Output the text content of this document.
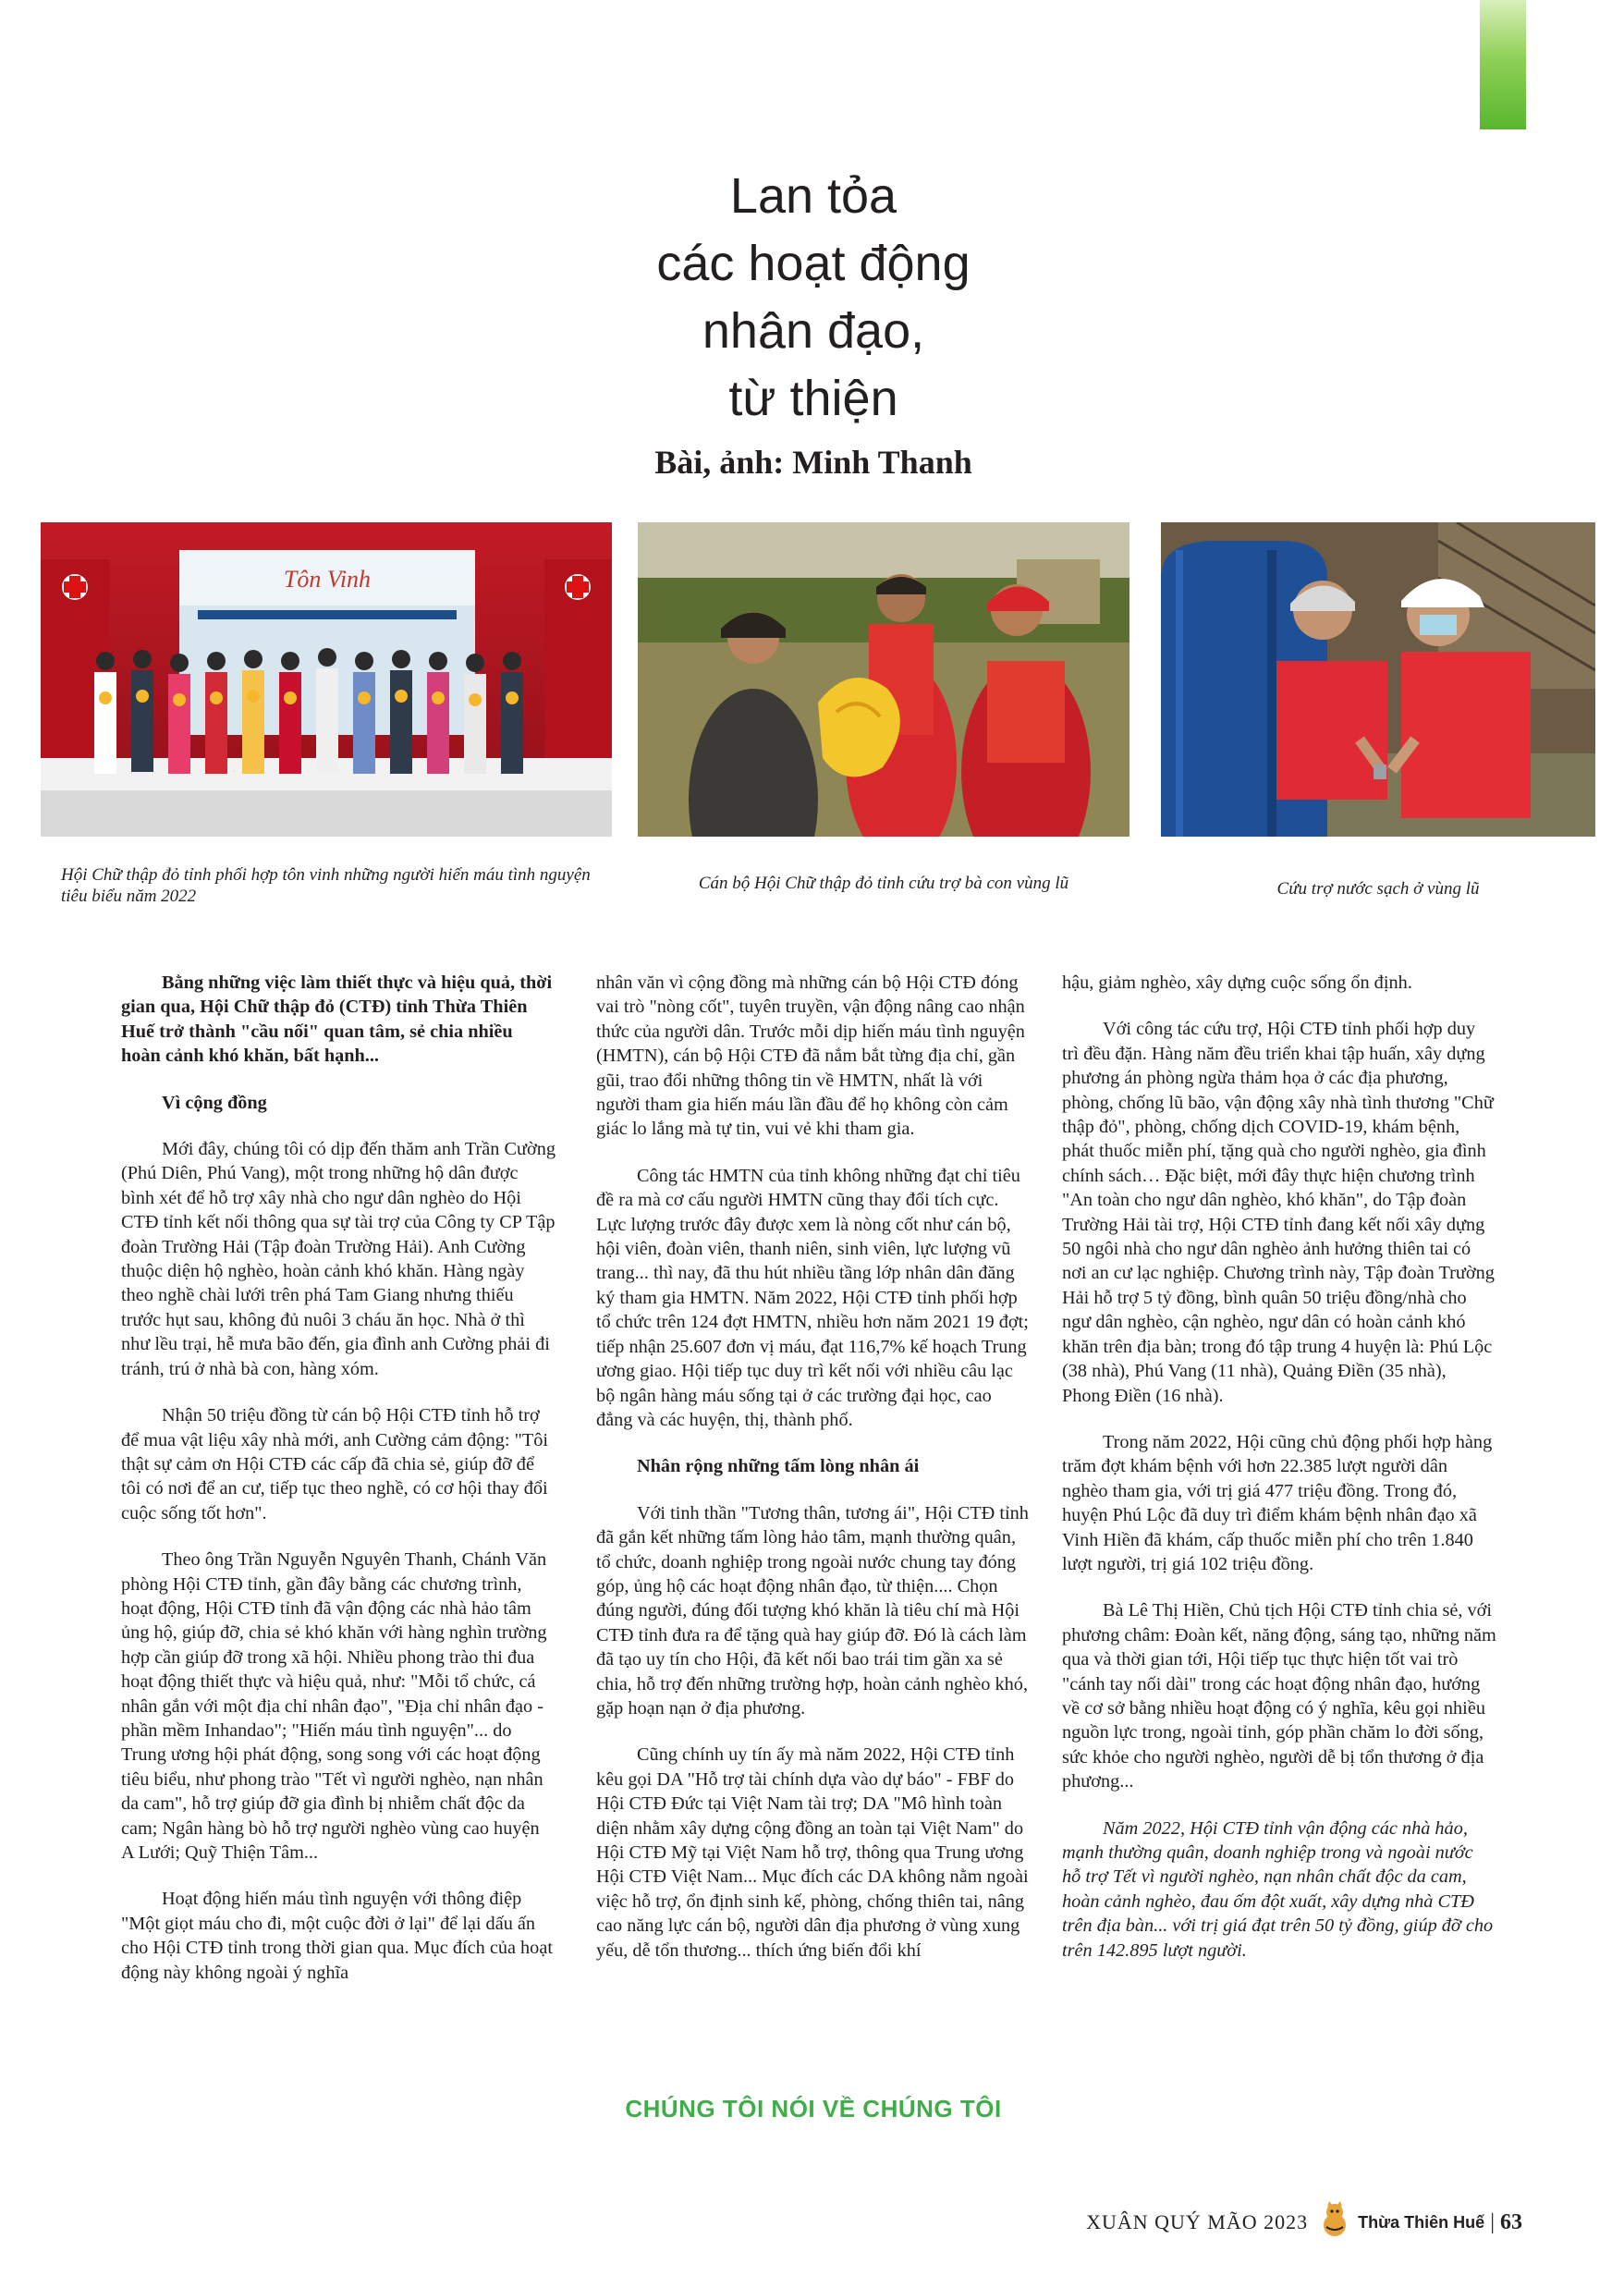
Lan tỏa
các hoạt động
nhân đạo,
từ thiện
Bài, ảnh: Minh Thanh
Tôn Vinh
Hội Chữ thập đỏ tỉnh phối hợp tôn vinh những người hiến máu tình nguyện tiêu biểu năm 2022
Cán bộ Hội Chữ thập đỏ tỉnh cứu trợ bà con vùng lũ	Cứu trợ nước sạch ở vùng lũ

Bằng những việc làm thiết thực và hiệu quả, thời gian qua, Hội Chữ thập đỏ (CTĐ) tỉnh Thừa Thiên Huế trở thành "cầu nối" quan tâm, sẻ chia nhiều hoàn cảnh khó khăn, bất hạnh...

Vì cộng đồng

Mới đây, chúng tôi có dịp đến thăm anh Trần Cường (Phú Diên, Phú Vang), một trong những hộ dân được bình xét để hỗ trợ xây nhà cho ngư dân nghèo do Hội CTĐ tỉnh kết nối thông qua sự tài trợ của Công ty CP Tập đoàn Trường Hải (Tập đoàn Trường Hải). Anh Cường thuộc diện hộ nghèo, hoàn cảnh khó khăn. Hàng ngày theo nghề chài lưới trên phá Tam Giang nhưng thiếu trước hụt sau, không đủ nuôi 3 cháu ăn học. Nhà ở thì như lều trại, hễ mưa bão đến, gia đình anh Cường phải đi tránh, trú ở nhà bà con, hàng xóm.

Nhận 50 triệu đồng từ cán bộ Hội CTĐ tỉnh hỗ trợ để mua vật liệu xây nhà mới, anh Cường cảm động: "Tôi thật sự cảm ơn Hội CTĐ các cấp đã chia sẻ, giúp đỡ để tôi có nơi để an cư, tiếp tục theo nghề, có cơ hội thay đổi cuộc sống tốt hơn".

Theo ông Trần Nguyễn Nguyên Thanh, Chánh Văn phòng Hội CTĐ tỉnh, gần đây bằng các chương trình, hoạt động, Hội CTĐ tỉnh đã vận động các nhà hảo tâm ủng hộ, giúp đỡ, chia sẻ khó khăn với hàng nghìn trường hợp cần giúp đỡ trong xã hội. Nhiều phong trào thi đua hoạt động thiết thực và hiệu quả, như: "Mỗi tổ chức, cá nhân gắn với một địa chỉ nhân đạo", "Địa chỉ nhân đạo - phần mềm Inhandao"; "Hiến máu tình nguyện"... do Trung ương hội phát động, song song với các hoạt động tiêu biểu, như phong trào "Tết vì người nghèo, nạn nhân da cam", hỗ trợ giúp đỡ gia đình bị nhiễm chất độc da cam; Ngân hàng bò hỗ trợ người nghèo vùng cao huyện A Lưới; Quỹ Thiện Tâm...

Hoạt động hiến máu tình nguyện với thông điệp "Một giọt máu cho đi, một cuộc đời ở lại" để lại dấu ấn cho Hội CTĐ tỉnh trong thời gian qua. Mục đích của hoạt động này không ngoài ý nghĩa

nhân văn vì cộng đồng mà những cán bộ Hội CTĐ đóng vai trò "nòng cốt", tuyên truyền, vận động nâng cao nhận thức của người dân. Trước mỗi dịp hiến máu tình nguyện (HMTN), cán bộ Hội CTĐ đã nắm bắt từng địa chỉ, gần gũi, trao đổi những thông tin về HMTN, nhất là với người tham gia hiến máu lần đầu để họ không còn cảm giác lo lắng mà tự tin, vui vẻ khi tham gia.

Công tác HMTN của tỉnh không những đạt chỉ tiêu đề ra mà cơ cấu người HMTN cũng thay đổi tích cực. Lực lượng trước đây được xem là nòng cốt như cán bộ, hội viên, đoàn viên, thanh niên, sinh viên, lực lượng vũ trang... thì nay, đã thu hút nhiều tầng lớp nhân dân đăng ký tham gia HMTN. Năm 2022, Hội CTĐ tỉnh phối hợp tổ chức trên 124 đợt HMTN, nhiều hơn năm 2021 19 đợt; tiếp nhận 25.607 đơn vị máu, đạt 116,7% kế hoạch Trung ương giao. Hội tiếp tục duy trì kết nối với nhiều câu lạc bộ ngân hàng máu sống tại ở các trường đại học, cao đẳng và các huyện, thị, thành phố.

Nhân rộng những tấm lòng nhân ái

Với tinh thần "Tương thân, tương ái", Hội CTĐ tỉnh đã gắn kết những tấm lòng hảo tâm, mạnh thường quân, tổ chức, doanh nghiệp trong ngoài nước chung tay đóng góp, ủng hộ các hoạt động nhân đạo, từ thiện.... Chọn đúng người, đúng đối tượng khó khăn là tiêu chí mà Hội CTĐ tỉnh đưa ra để tặng quà hay giúp đỡ. Đó là cách làm đã tạo uy tín cho Hội, đã kết nối bao trái tim gần xa sẻ chia, hỗ trợ đến những trường hợp, hoàn cảnh nghèo khó, gặp hoạn nạn ở địa phương.

Cũng chính uy tín ấy mà năm 2022, Hội CTĐ tỉnh kêu gọi DA "Hỗ trợ tài chính dựa vào dự báo" - FBF do Hội CTĐ Đức tại Việt Nam tài trợ; DA "Mô hình toàn diện nhằm xây dựng cộng đồng an toàn tại Việt Nam" do Hội CTĐ Mỹ tại Việt Nam hỗ trợ, thông qua Trung ương Hội CTĐ Việt Nam... Mục đích các DA không nằm ngoài việc hỗ trợ, ổn định sinh kế, phòng, chống thiên tai, nâng cao năng lực cán bộ, người dân địa phương ở vùng xung yếu, dễ tổn thương... thích ứng biến đổi khí

hậu, giảm nghèo, xây dựng cuộc sống ổn định.

Với công tác cứu trợ, Hội CTĐ tỉnh phối hợp duy trì đều đặn. Hàng năm đều triển khai tập huấn, xây dựng phương án phòng ngừa thảm họa ở các địa phương, phòng, chống lũ bão, vận động xây nhà tình thương "Chữ thập đỏ", phòng, chống dịch COVID-19, khám bệnh, phát thuốc miễn phí, tặng quà cho người nghèo, gia đình chính sách… Đặc biệt, mới đây thực hiện chương trình "An toàn cho ngư dân nghèo, khó khăn", do Tập đoàn Trường Hải tài trợ, Hội CTĐ tỉnh đang kết nối xây dựng 50 ngôi nhà cho ngư dân nghèo ảnh hưởng thiên tai có nơi an cư lạc nghiệp. Chương trình này, Tập đoàn Trường Hải hỗ trợ 5 tỷ đồng, bình quân 50 triệu đồng/nhà cho ngư dân nghèo, cận nghèo, ngư dân có hoàn cảnh khó khăn trên địa bàn; trong đó tập trung 4 huyện là: Phú Lộc (38 nhà), Phú Vang (11 nhà), Quảng Điền (35 nhà), Phong Điền (16 nhà).

Trong năm 2022, Hội cũng chủ động phối hợp hàng trăm đợt khám bệnh với hơn 22.385 lượt người dân nghèo tham gia, với trị giá 477 triệu đồng. Trong đó, huyện Phú Lộc đã duy trì điểm khám bệnh nhân đạo xã Vinh Hiền đã khám, cấp thuốc miễn phí cho trên 1.840 lượt người, trị giá 102 triệu đồng.

Bà Lê Thị Hiền, Chủ tịch Hội CTĐ tỉnh chia sẻ, với phương châm: Đoàn kết, năng động, sáng tạo, những năm qua và thời gian tới, Hội tiếp tục thực hiện tốt vai trò "cánh tay nối dài" trong các hoạt động nhân đạo, hướng về cơ sở bằng nhiều hoạt động có ý nghĩa, kêu gọi nhiều nguồn lực trong, ngoài tỉnh, góp phần chăm lo đời sống, sức khỏe cho người nghèo, người dễ bị tổn thương ở địa phương...

Năm 2022, Hội CTĐ tỉnh vận động các nhà hảo, mạnh thường quân, doanh nghiệp trong và ngoài nước hỗ trợ Tết vì người nghèo, nạn nhân chất độc da cam, hoàn cảnh nghèo, đau ốm đột xuất, xây dựng nhà CTĐ trên địa bàn... với trị giá đạt trên 50 tỷ đồng, giúp đỡ cho trên 142.895 lượt người.

CHÚNG TÔI NÓI VỀ CHÚNG TÔI
XUÂN QUÝ MÃO 2023	Thừa Thiên Huế | 63
